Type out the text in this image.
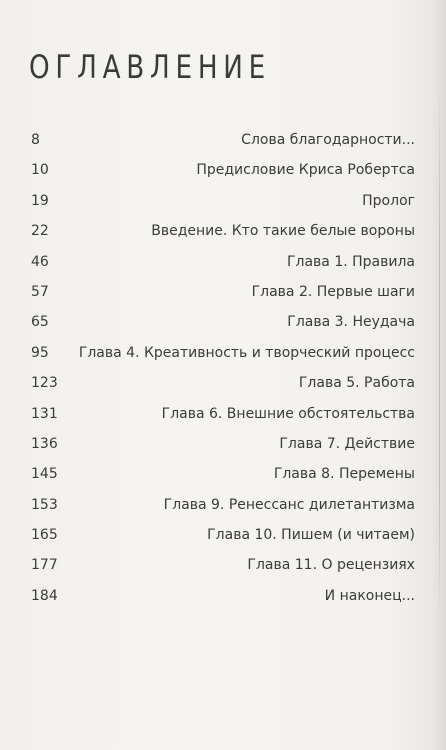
ОГЛАВЛЕНИЕ
8	Слова благодарности...
10	Предисловие Криса Робертса
19	Пролог
22	Введение. Кто такие белые вороны
46	Глава 1. Правила
57	Глава 2. Первые шаги
65	Глава 3. Неудача
95 Глава 4. Креативность и творческий процесс
123	Глава 5. Работа
131	Глава 6. Внешние обстоятельства
136	Глава 7. Действие
145	Глава 8. Перемены
153	Глава 9. Ренессанс дилетантизма
165	Глава 10. Пишем (и читаем)
177	Глава 11. О рецензиях
184	И наконец...
